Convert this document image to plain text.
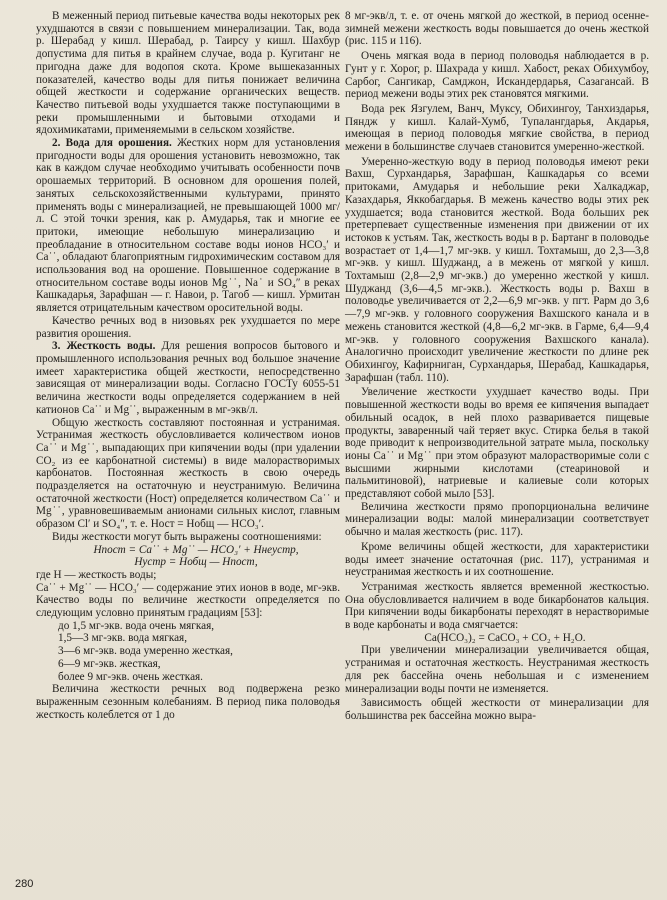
В меженный период питьевые качества воды некоторых рек ухудшаются в связи с повышением минерализации. Так, вода р. Шерабад у кишл. Шерабад, р. Таирсу у кишл. Шахбур допустима для питья в крайнем случае, вода р. Кугитанг не пригодна даже для водопоя скота. Кроме вышеказанных показателей, качество воды для питья понижает величина общей жесткости и содержание органических веществ. Качество питьевой воды ухудшается также поступающими в реки промышленными и бытовыми отходами и ядохимикатами, применяемыми в сельском хозяйстве.

2. Вода для орошения. Жестких норм для установления пригодности воды для орошения установить невозможно, так как в каждом случае необходимо учитывать особенности почв орошаемых территорий. В основном для орошения полей, занятых сельскохозяйственными культурами, принято применять воды с минерализацией, не превышающей 1000 мг/л. С этой точки зрения, как р. Амударья, так и многие ее притоки, имеющие небольшую минерализацию и преобладание в относительном составе воды ионов HCO₃′ и Ca˙˙, обладают благоприятным гидрохимическим составом для использования вод на орошение. Повышенное содержание в относительном составе воды ионов Mg˙˙, Na˙ и SO₄″ в реках Кашкадарья, Зарафшан — г. Навои, р. Тагоб — кишл. Урмитан является отрицательным качеством оросительной воды.

Качество речных вод в низовьях рек ухудшается по мере развития орошения.

3. Жесткость воды. Для решения вопросов бытового и промышленного использования речных вод большое значение имеет характеристика общей жесткости, непосредственно зависящая от минерализации воды. Согласно ГОСТу 6055-51 величина жесткости воды определяется содержанием в ней катионов Ca˙˙ и Mg˙˙, выраженным в мг-экв/л.

Общую жесткость составляют постоянная и устранимая. Устранимая жесткость обусловливается количеством ионов Ca˙˙ и Mg˙˙, выпадающих при кипячении воды (при удалении CO₂ из ее карбонатной системы) в виде малорастворимых карбонатов. Постоянная жесткость в свою очередь подразделяется на остаточную и неустранимую. Величина остаточной жесткости (Hост) определяется количеством Ca˙˙ и Mg˙˙, уравновешиваемым анионами сильных кислот, главным образом Cl′ и SO₄″, т. е. Hост = Hобщ — HCO₃′.

Виды жесткости могут быть выражены соотношениями:

Hпост = Ca˙˙ + Mg˙˙ — HCO₃′ + Hнеустр,

Hустр = Hобщ — Hпост,

где H — жесткость воды;

Ca˙˙ + Mg˙˙ — HCO₃′ — содержание этих ионов в воде, мг-экв. Качество воды по величине жесткости определяется по следующим условно принятым градациям [53]:

до 1,5 мг-экв. вода очень мягкая,
1,5—3 мг-экв. вода мягкая,
3—6 мг-экв. вода умеренно жесткая,
6—9 мг-экв. жесткая,
более 9 мг-экв. очень жесткая.

Величина жесткости речных вод подвержена резко выраженным сезонным колебаниям. В период пика половодья жесткость колеблется от 1 до

8 мг-экв/л, т. е. от очень мягкой до жесткой, в период осенне-зимней межени жесткость воды повышается до очень жесткой (рис. 115 и 116).

Очень мягкая вода в период половодья наблюдается в р. Гунт у г. Хорог, р. Шахрада у кишл. Хабост, реках Обихумбоу, Сарбог, Сангикар, Самджон, Искандердарья, Сазагансай. В период межени воды этих рек становятся мягкими.

Вода рек Язгулем, Ванч, Муксу, Обихингоу, Танхиздарья, Пяндж у кишл. Калай-Хумб, Тупалангдарья, Акдарья, имеющая в период половодья мягкие свойства, в период межени в большинстве случаев становится умеренно-жесткой.

Умеренно-жесткую воду в период половодья имеют реки Вахш, Сурхандарья, Зарафшан, Кашкадарья со всеми притоками, Амударья и небольшие реки Халкаджар, Казахдарья, Яккобагдарья. В межень качество воды этих рек ухудшается; вода становится жесткой. Вода больших рек претерпевает существенные изменения при движении от их истоков к устьям. Так, жесткость воды в р. Бартанг в половодье возрастает от 1,4—1,7 мг-экв. у кишл. Тохтамыш, до 2,3—3,8 мг-экв. у кишл. Шуджанд, а в межень от мягкой у кишл. Тохтамыш (2,8—2,9 мг-экв.) до умеренно жесткой у кишл. Шуджанд (3,6—4,5 мг-экв.). Жесткость воды р. Вахш в половодье увеличивается от 2,2—6,9 мг-экв. у пгт. Рарм до 3,6—7,9 мг-экв. у головного сооружения Вахшского канала и в межень становится жесткой (4,8—6,2 мг-экв. в Гарме, 6,4—9,4 мг-экв. у головного сооружения Вахшского канала). Аналогично происходит увеличение жесткости по длине рек Обихингоу, Кафирниган, Сурхандарья, Шерабад, Кашкадарья, Зарафшан (табл. 110).

Увеличение жесткости ухудшает качество воды. При повышенной жесткости воды во время ее кипячения выпадает обильный осадок, в ней плохо разваривается пищевые продукты, заваренный чай теряет вкус. Стирка белья в такой воде приводит к непроизводительной затрате мыла, поскольку ионы Ca˙˙ и Mg˙˙ при этом образуют малорастворимые соли с высшими жирными кислотами (стеариновой и пальмитиновой), натриевые и калиевые соли которых представляют собой мыло [53].

Величина жесткости прямо пропорциональна величине минерализации воды: малой минерализации соответствует обычно и малая жесткость (рис. 117).

Кроме величины общей жесткости, для характеристики воды имеет значение остаточная (рис. 117), устранимая и неустранимая жесткость и их соотношение.

Устранимая жесткость является временной жесткостью. Она обусловливается наличием в воде бикарбонатов кальция. При кипячении воды бикарбонаты переходят в нерастворимые в воде карбонаты и вода смягчается:

Ca(HCO₃)₂ = CaCO₃ + CO₂ + H₂O.

При увеличении минерализации увеличивается общая, устранимая и остаточная жесткость. Неустранимая жесткость для рек бассейна очень небольшая и с изменением минерализации воды почти не изменяется.

Зависимость общей жесткости от минерализации для большинства рек бассейна можно выра-

280
